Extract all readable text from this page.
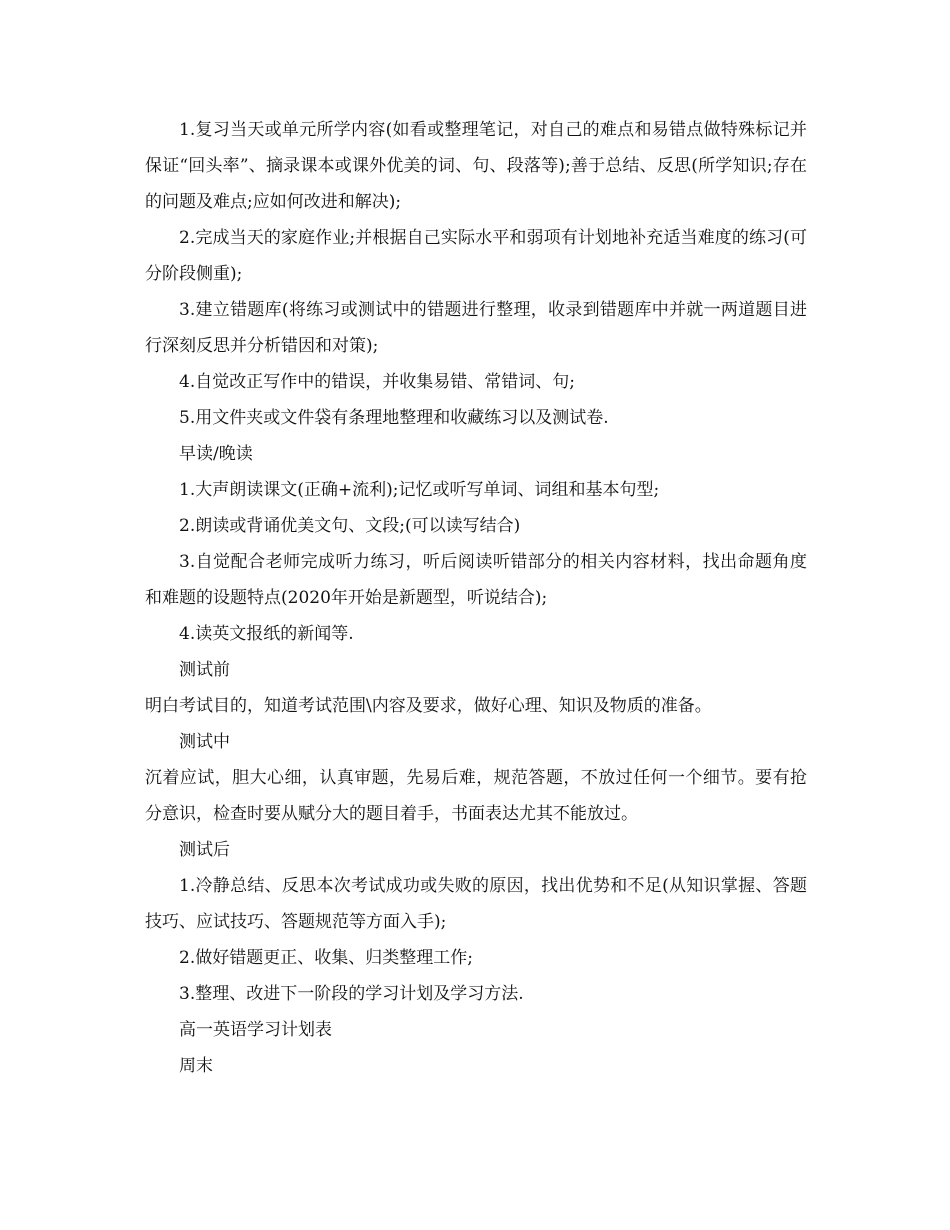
1.复习当天或单元所学内容(如看或整理笔记，对自己的难点和易错点做特殊标记并保证“回头率”、摘录课本或课外优美的词、句、段落等);善于总结、反思(所学知识;存在的问题及难点;应如何改进和解决);

2.完成当天的家庭作业;并根据自己实际水平和弱项有计划地补充适当难度的练习(可分阶段侧重);

3.建立错题库(将练习或测试中的错题进行整理，收录到错题库中并就一两道题目进行深刻反思并分析错因和对策);

4.自觉改正写作中的错误，并收集易错、常错词、句;

5.用文件夹或文件袋有条理地整理和收藏练习以及测试卷.

早读/晚读

1.大声朗读课文(正确+流利);记忆或听写单词、词组和基本句型;

2.朗读或背诵优美文句、文段;(可以读写结合)

3.自觉配合老师完成听力练习，听后阅读听错部分的相关内容材料，找出命题角度和难题的设题特点(2020年开始是新题型，听说结合);

4.读英文报纸的新闻等.

测试前

明白考试目的，知道考试范围\内容及要求，做好心理、知识及物质的准备。

测试中

沉着应试，胆大心细，认真审题，先易后难，规范答题，不放过任何一个细节。要有抢分意识，检查时要从赋分大的题目着手，书面表达尤其不能放过。

测试后

1.冷静总结、反思本次考试成功或失败的原因，找出优势和不足(从知识掌握、答题技巧、应试技巧、答题规范等方面入手);

2.做好错题更正、收集、归类整理工作;

3.整理、改进下一阶段的学习计划及学习方法.

高一英语学习计划表

周末
